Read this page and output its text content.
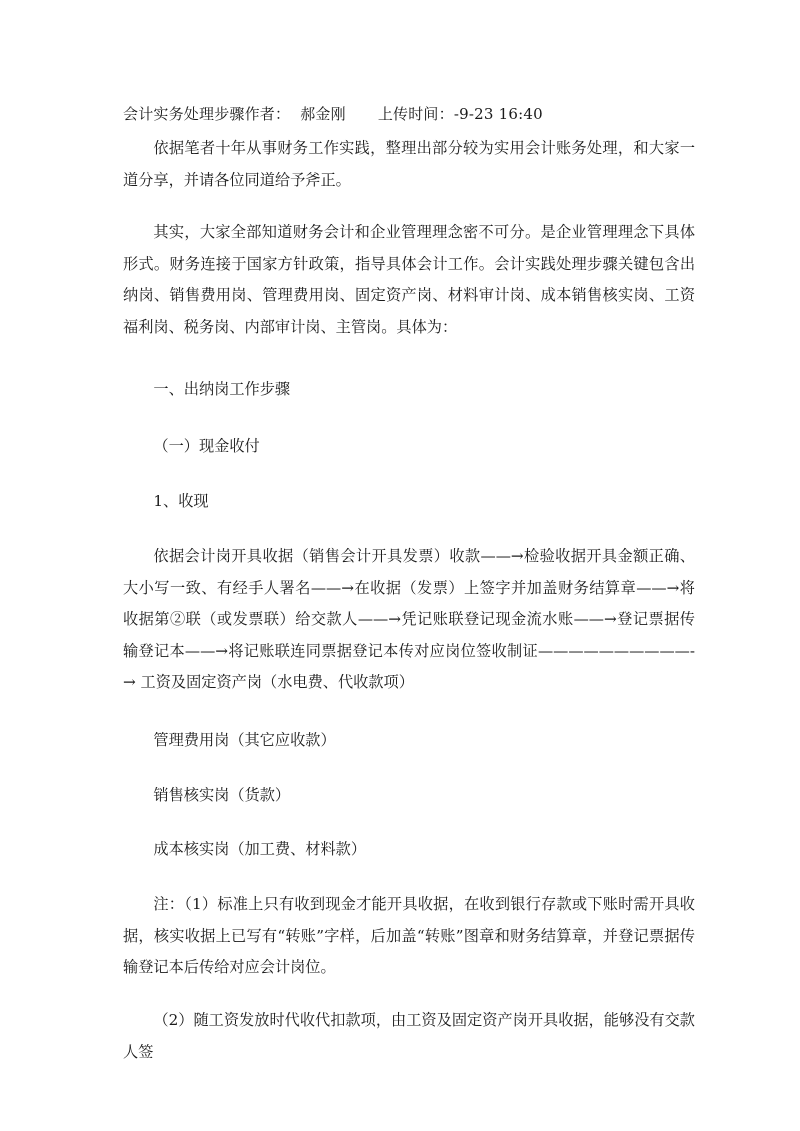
会计实务处理步骤作者： 郝金刚 上传时间：-9-23 16:40
依据笔者十年从事财务工作实践，整理出部分较为实用会计账务处理，和大家一道分享，并请各位同道给予斧正。
其实，大家全部知道财务会计和企业管理理念密不可分。是企业管理理念下具体形式。财务连接于国家方针政策，指导具体会计工作。会计实践处理步骤关键包含出纳岗、销售费用岗、管理费用岗、固定资产岗、材料审计岗、成本销售核实岗、工资福利岗、税务岗、内部审计岗、主管岗。具体为：
一、出纳岗工作步骤
（一）现金收付
1、收现
依据会计岗开具收据（销售会计开具发票）收款——→检验收据开具金额正确、大小写一致、有经手人署名——→在收据（发票）上签字并加盖财务结算章——→将收据第②联（或发票联）给交款人——→凭记账联登记现金流水账——→登记票据传输登记本——→将记账联连同票据登记本传对应岗位签收制证——————————-→ 工资及固定资产岗（水电费、代收款项）
管理费用岗（其它应收款）
销售核实岗（货款）
成本核实岗（加工费、材料款）
注：（1）标准上只有收到现金才能开具收据，在收到银行存款或下账时需开具收据，核实收据上已写有“转账”字样，后加盖“转账”图章和财务结算章，并登记票据传输登记本后传给对应会计岗位。
（2）随工资发放时代收代扣款项，由工资及固定资产岗开具收据，能够没有交款人签
